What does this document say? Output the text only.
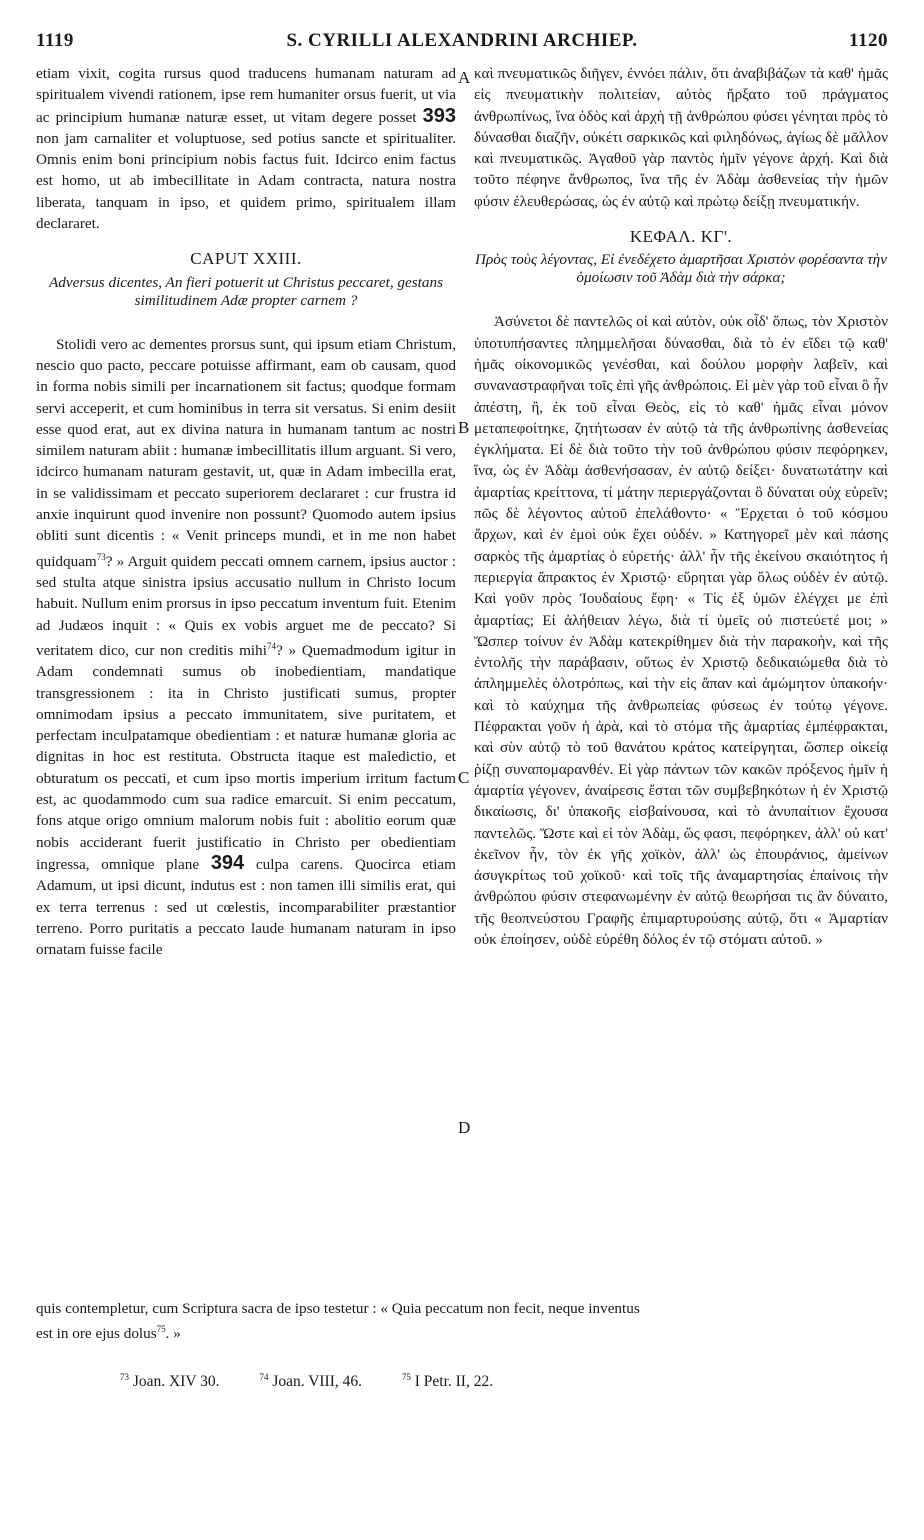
1119	S. CYRILLI ALEXANDRINI ARCHIEP.	1120

etiam vixit, cogita rursus quod traducens humanam naturam ad spiritualem vivendi rationem, ipse rem humaniter orsus fuerit, ut via ac principium humanæ naturæ esset, ut vitam degere posset 393 non jam carnaliter et voluptuose, sed potius sancte et spiritualiter. Omnis enim boni principium nobis factus fuit. Idcirco enim factus est homo, ut ab imbecillitate in Adam contracta, natura nostra liberata, tanquam in ipso, et quidem primo, spiritualem illam declararet.

CAPUT XXIII.
Adversus dicentes, An fieri potuerit ut Christus peccaret, gestans similitudinem Adæ propter carnem ?

Stolidi vero ac dementes prorsus sunt, qui ipsum etiam Christum, nescio quo pacto, peccare potuisse affirmant, eam ob causam, quod in forma nobis simili per incarnationem sit factus; quodque formam servi acceperit, et cum hominibus in terra sit versatus. Si enim desiit esse quod erat, aut ex divina natura in humanam tantum ac nostri similem naturam abiit : humanæ imbecillitatis illum arguant. Si vero, idcirco humanam naturam gestavit, ut, quæ in Adam imbecilla erat, in se validissimam et peccato superiorem declararet : cur frustra id anxie inquirunt quod invenire non possunt? Quomodo autem ipsius obliti sunt dicentis : « Venit princeps mundi, et in me non habet quidquam$^{73}$? » Arguit quidem peccati omnem carnem, ipsius auctor : sed stulta atque sinistra ipsius accusatio nullum in Christo locum habuit. Nullum enim prorsus in ipso peccatum inventum fuit. Etenim ad Judæos inquit : « Quis ex vobis arguet me de peccato? Si veritatem dico, cur non creditis mihi$^{74}$? » Quemadmodum igitur in Adam condemnati sumus ob inobedientiam, mandatique transgressionem : ita in Christo justificati sumus, propter omnimodam ipsius a peccato immunitatem, sive puritatem, et perfectam inculpatamque obedientiam : et naturæ humanæ gloria ac dignitas in hoc est restituta. Obstructa itaque est maledictio, et obturatum os peccati, et cum ipso mortis imperium irritum factum est, ac quodammodo cum sua radice emarcuit. Si enim peccatum, fons atque origo omnium malorum nobis fuit : abolitio eorum quæ nobis acciderant fuerit justificatio in Christo per obedientiam ingressa, omnique plane 394 culpa carens. Quocirca etiam Adamum, ut ipsi dicunt, indutus est : non tamen illi similis erat, qui ex terra terrenus : sed ut cœlestis, incomparabiliter præstantior terreno. Porro puritatis a peccato laude humanam naturam in ipso ornatam fuisse facile

A
B
C
D

καὶ πνευματικῶς διῆγεν, ἐννόει πάλιν, ὅτι ἀναβιβάζων τὰ καθ' ἡμᾶς εἰς πνευματικὴν πολιτείαν, αὐτὸς ἤρξατο τοῦ πράγματος ἀνθρωπίνως, ἵνα ὁδὸς καὶ ἀρχὴ τῇ ἀνθρώπου φύσει γένηται πρὸς τὸ δύνασθαι διαζῆν, οὐκέτι σαρκικῶς καὶ φιληδόνως, ἁγίως δὲ μᾶλλον καὶ πνευματικῶς. Ἀγαθοῦ γὰρ παντὸς ἡμῖν γέγονε ἀρχή. Καὶ διὰ τοῦτο πέφηνε ἄνθρωπος, ἵνα τῆς ἐν Ἀδὰμ ἀσθενείας τὴν ἡμῶν φύσιν ἐλευθερώσας, ὡς ἐν αὐτῷ καὶ πρώτῳ δείξῃ πνευματικήν.

ΚΕΦΑΛ. ΚΓ'.
Πρὸς τοὺς λέγοντας, Εἰ ἐνεδέχετο ἁμαρτῆσαι Χριστὸν φορέσαντα τὴν ὁμοίωσιν τοῦ Ἀδὰμ διὰ τὴν σάρκα;

Ἀσύνετοι δὲ παντελῶς οἱ καὶ αὐτὸν, οὐκ οἶδ' ὅπως, τὸν Χριστὸν ὑποτυπήσαντες πλημμελῆσαι δύνασθαι, διὰ τὸ ἐν εἴδει τῷ καθ' ἡμᾶς οἰκονομικῶς γενέσθαι, καὶ δούλου μορφὴν λαβεῖν, καὶ συναναστραφῆναι τοῖς ἐπὶ γῆς ἀνθρώποις. Εἰ μὲν γὰρ τοῦ εἶναι ὃ ἦν ἀπέστη, ἢ, ἐκ τοῦ εἶναι Θεὸς, εἰς τὸ καθ' ἡμᾶς εἶναι μόνον μεταπεφοίτηκε, ζητήτωσαν ἐν αὐτῷ τὰ τῆς ἀνθρωπίνης ἀσθενείας ἐγκλήματα. Εἰ δὲ διὰ τοῦτο τὴν τοῦ ἀνθρώπου φύσιν πεφόρηκεν, ἵνα, ὡς ἐν Ἀδὰμ ἀσθενήσασαν, ἐν αὐτῷ δείξει· δυνατωτάτην καὶ ἁμαρτίας κρείττονα, τί μάτην περιεργάζονται ὃ δύναται οὐχ εὑρεῖν; πῶς δὲ λέγοντος αὐτοῦ ἐπελάθοντο· « Ἔρχεται ὁ τοῦ κόσμου ἄρχων, καὶ ἐν ἐμοὶ οὐκ ἔχει οὐδέν. » Κατηγορεῖ μὲν καὶ πάσης σαρκὸς τῆς ἁμαρτίας ὁ εὑρετής· ἀλλ' ἦν τῆς ἐκείνου σκαιότητος ἡ περιεργία ἄπρακτος ἐν Χριστῷ· εὕρηται γὰρ ὅλως οὐδὲν ἐν αὐτῷ. Καὶ γοῦν πρὸς Ἰουδαίους ἔφη· « Τίς ἐξ ὑμῶν ἐλέγχει με ἐπὶ ἁμαρτίας; Εἰ ἀλήθειαν λέγω, διὰ τί ὑμεῖς οὐ πιστεύετέ μοι; » Ὥσπερ τοίνυν ἐν Ἀδὰμ κατεκρίθημεν διὰ τὴν παρακοὴν, καὶ τῆς ἐντολῆς τὴν παράβασιν, οὕτως ἐν Χριστῷ δεδικαιώμεθα διὰ τὸ ἀπλημμελὲς ὁλοτρόπως, καὶ τὴν εἰς ἅπαν καὶ ἀμώμητον ὑπακοήν· καὶ τὸ καύχημα τῆς ἀνθρωπείας φύσεως ἐν τούτῳ γέγονε. Πέφρακται γοῦν ἡ ἀρὰ, καὶ τὸ στόμα τῆς ἁμαρτίας ἐμπέφρακται, καὶ σὺν αὐτῷ τὸ τοῦ θανάτου κράτος κατείργηται, ὥσπερ οἰκείᾳ ῥίζῃ συναπομαρανθέν. Εἰ γὰρ πάντων τῶν κακῶν πρόξενος ἡμῖν ἡ ἁμαρτία γέγονεν, ἀναίρεσις ἔσται τῶν συμβεβηκότων ἡ ἐν Χριστῷ δικαίωσις, δι' ὑπακοῆς εἰσβαίνουσα, καὶ τὸ ἀνυπαίτιον ἔχουσα παντελῶς. Ὥστε καὶ εἰ τὸν Ἀδὰμ, ὥς φασι, πεφόρηκεν, ἀλλ' οὐ κατ' ἐκεῖνον ἦν, τὸν ἐκ γῆς χοϊκὸν, ἀλλ' ὡς ἐπουράνιος, ἀμείνων ἀσυγκρίτως τοῦ χοϊκοῦ· καὶ τοῖς τῆς ἀναμαρτησίας ἐπαίνοις τὴν ἀνθρώπου φύσιν στεφανωμένην ἐν αὐτῷ θεωρήσαι τις ἂν δύναιτο, τῆς θεοπνεύστου Γραφῆς ἐπιμαρτυρούσης αὐτῷ, ὅτι « Ἁμαρτίαν οὐκ ἐποίησεν, οὐδὲ εὑρέθη δόλος ἐν τῷ στόματι αὐτοῦ. »

quis contempletur, cum Scriptura sacra de ipso testetur : « Quia peccatum non fecit, neque inventus
est in ore ejus dolus$^{75}$. »
$^{73}$ Joan. XIV 30.	$^{74}$ Joan. VIII, 46.	$^{75}$ I Petr. II, 22.
